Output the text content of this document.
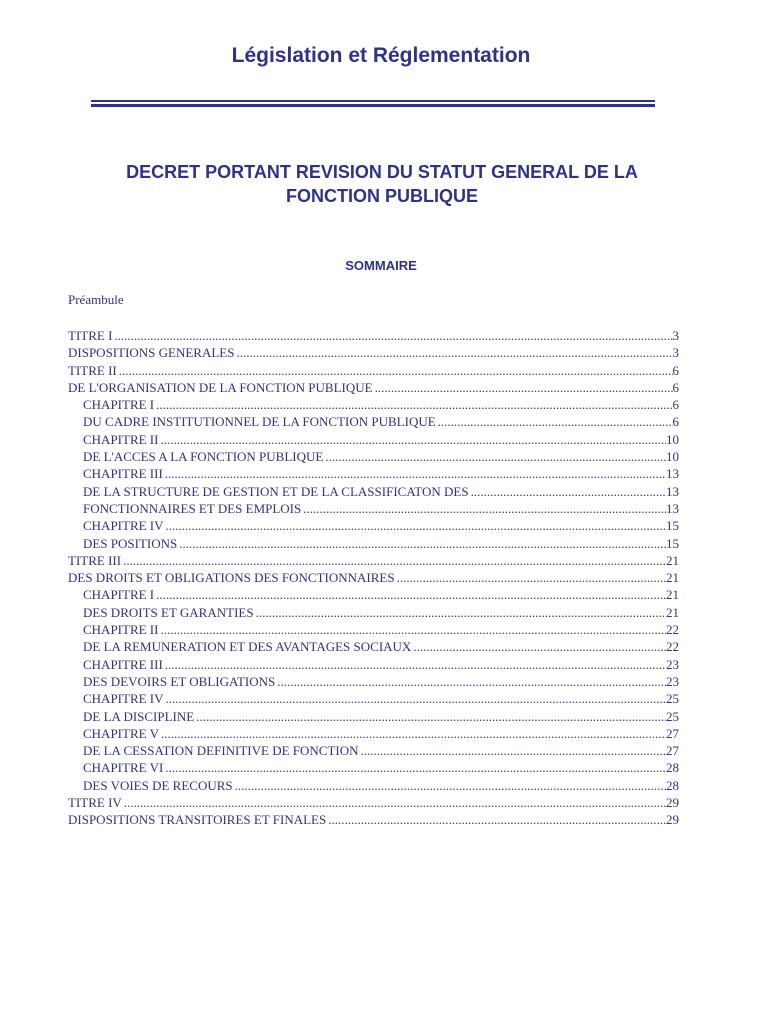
Législation et Réglementation
DECRET PORTANT REVISION DU STATUT GENERAL DE LA
FONCTION PUBLIQUE
SOMMAIRE
Préambule
TITRE I .....	3
DISPOSITIONS GENERALES .....	3
TITRE II .....	6
DE L'ORGANISATION DE LA FONCTION PUBLIQUE .....	6
CHAPITRE I .....	6
DU CADRE INSTITUTIONNEL DE LA FONCTION PUBLIQUE .....	6
CHAPITRE II .....	10
DE L'ACCES A LA FONCTION PUBLIQUE .....	10
CHAPITRE III .....	13
DE LA STRUCTURE DE GESTION ET DE LA CLASSIFICATON DES .....	13
FONCTIONNAIRES ET DES EMPLOIS .....	13
CHAPITRE IV .....	15
DES POSITIONS .....	15
TITRE III .....	21
DES DROITS ET OBLIGATIONS DES FONCTIONNAIRES .....	21
CHAPITRE I .....	21
DES DROITS ET GARANTIES .....	21
CHAPITRE II .....	22
DE LA REMUNERATION ET DES AVANTAGES SOCIAUX .....	22
CHAPITRE III .....	23
DES DEVOIRS ET OBLIGATIONS .....	23
CHAPITRE IV .....	25
DE LA DISCIPLINE .....	25
CHAPITRE V .....	27
DE LA CESSATION DEFINITIVE DE FONCTION .....	27
CHAPITRE VI .....	28
DES VOIES DE RECOURS .....	28
TITRE IV .....	29
DISPOSITIONS TRANSITOIRES ET FINALES .....	29
